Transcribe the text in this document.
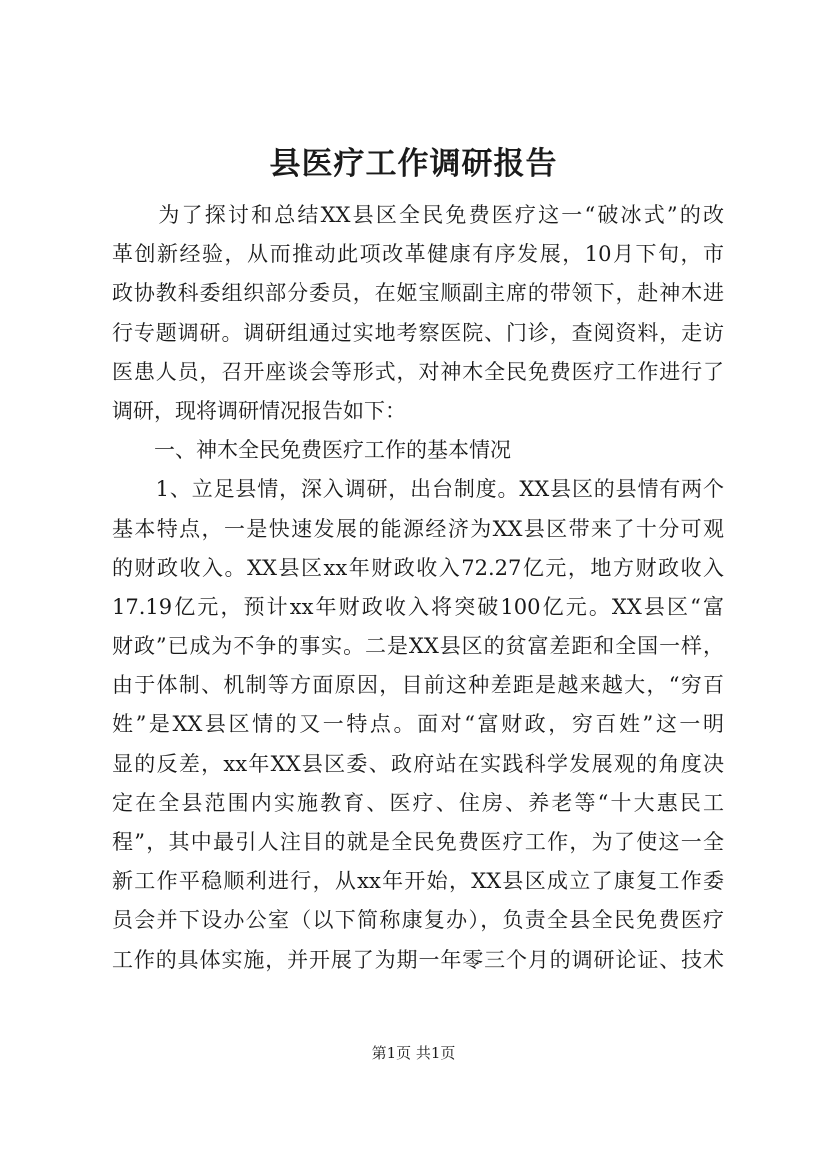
县医疗工作调研报告
　　为了探讨和总结XX县区全民免费医疗这一“破冰式”的改
革创新经验，从而推动此项改革健康有序发展，10月下旬，市
政协教科委组织部分委员，在姬宝顺副主席的带领下，赴神木进
行专题调研。调研组通过实地考察医院、门诊，查阅资料，走访
医患人员，召开座谈会等形式，对神木全民免费医疗工作进行了
调研，现将调研情况报告如下：
　　一、神木全民免费医疗工作的基本情况
　　1、立足县情，深入调研，出台制度。XX县区的县情有两个
基本特点，一是快速发展的能源经济为XX县区带来了十分可观
的财政收入。XX县区xx年财政收入72.27亿元，地方财政收入
17.19亿元，预计xx年财政收入将突破100亿元。XX县区“富
财政”已成为不争的事实。二是XX县区的贫富差距和全国一样，
由于体制、机制等方面原因，目前这种差距是越来越大，“穷百
姓”是XX县区情的又一特点。面对“富财政，穷百姓”这一明
显的反差，xx年XX县区委、政府站在实践科学发展观的角度决
定在全县范围内实施教育、医疗、住房、养老等“十大惠民工
程”，其中最引人注目的就是全民免费医疗工作，为了使这一全
新工作平稳顺利进行，从xx年开始，XX县区成立了康复工作委
员会并下设办公室（以下简称康复办），负责全县全民免费医疗
工作的具体实施，并开展了为期一年零三个月的调研论证、技术
第1页 共1页
